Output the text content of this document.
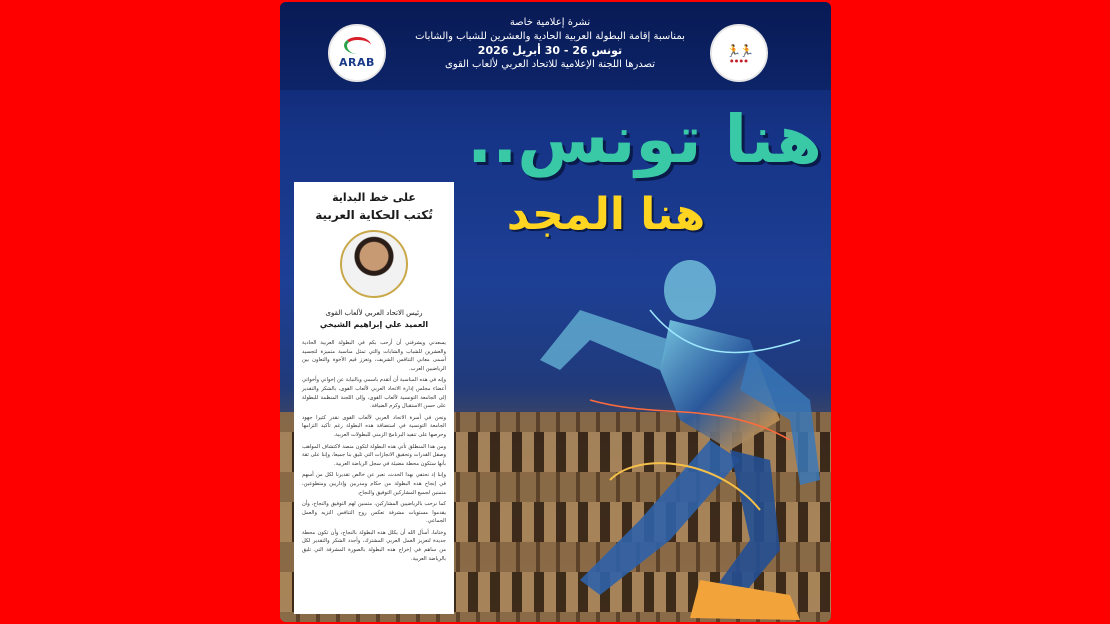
ARAB
نشرة إعلامية خاصة
بمناسبة إقامة البطولة العربية الحادية والعشرين للشباب والشابات
تونس 26 - 30 أبريل 2026
تصدرها اللجنة الإعلامية للاتحاد العربي لألعاب القوى
🏃🏃
● ● ● ●
هنا تونس..
هنا المجد
على خط البداية
تُكتب الحكاية العربية
رئيس الاتحاد العربي لألعاب القوى
العميد علي إبراهيم الشيخي

يسعدني ويشرفني أن أرحب بكم في البطولة العربية الحادية والعشرين للشباب والشابات والتي تمثل مناسبة متميزة لتجسيد أسمى معاني التنافس الشريف، وتعزز قيم الأخوة والتعاون بين الرياضيين العرب.

وإنه في هذه المناسبة أن أتقدم باسمي وبالنيابة عن إخواني وأخواتي أعضاء مجلس إدارة الاتحاد العربي لألعاب القوى، بالشكر والتقدير إلى الجامعة التونسية لألعاب القوى، وإلى اللجنة المنظمة للبطولة على حسن الاستقبال وكرم الضيافة.

ونحن في أسرة الاتحاد العربي لألعاب القوى نقدر كثيرا جهود الجامعة التونسية في استضافة هذه البطولة رغم تأكيد التزامها وحرصها على تنفيذ البرنامج الزمني للبطولات العربية.

ومن هذا المنطلق تأتي هذه البطولة لتكون منصة لاكتشاف المواهب وصقل القدرات وتحقيق الانجازات التي تليق بنا جميعا، وإننا على ثقة بأنها ستكون محطة مضيئة في سجل الرياضة العربية.

وإننا إذ نحتفي بهذا الحدث، نعبر عن خالص تقديرنا لكل من أسهم في إنجاح هذه البطولة من حكام ومدربين وإداريين ومتطوعين، متمنين لجميع المشاركين التوفيق والنجاح.

كما نرحب بالرياضيين المشاركين، متمنين لهم التوفيق والنجاح، وأن يقدموا مستويات مشرفة تعكس روح التنافس النزيه والعمل الجماعي.

وختاما، أسأل الله أن يكلل هذه البطولة بالنجاح، وأن تكون محطة جديدة لتعزيز العمل العربي المشترك، وأجدد الشكر والتقدير لكل من ساهم في إخراج هذه البطولة بالصورة المشرفة التي تليق بالرياضة العربية.
